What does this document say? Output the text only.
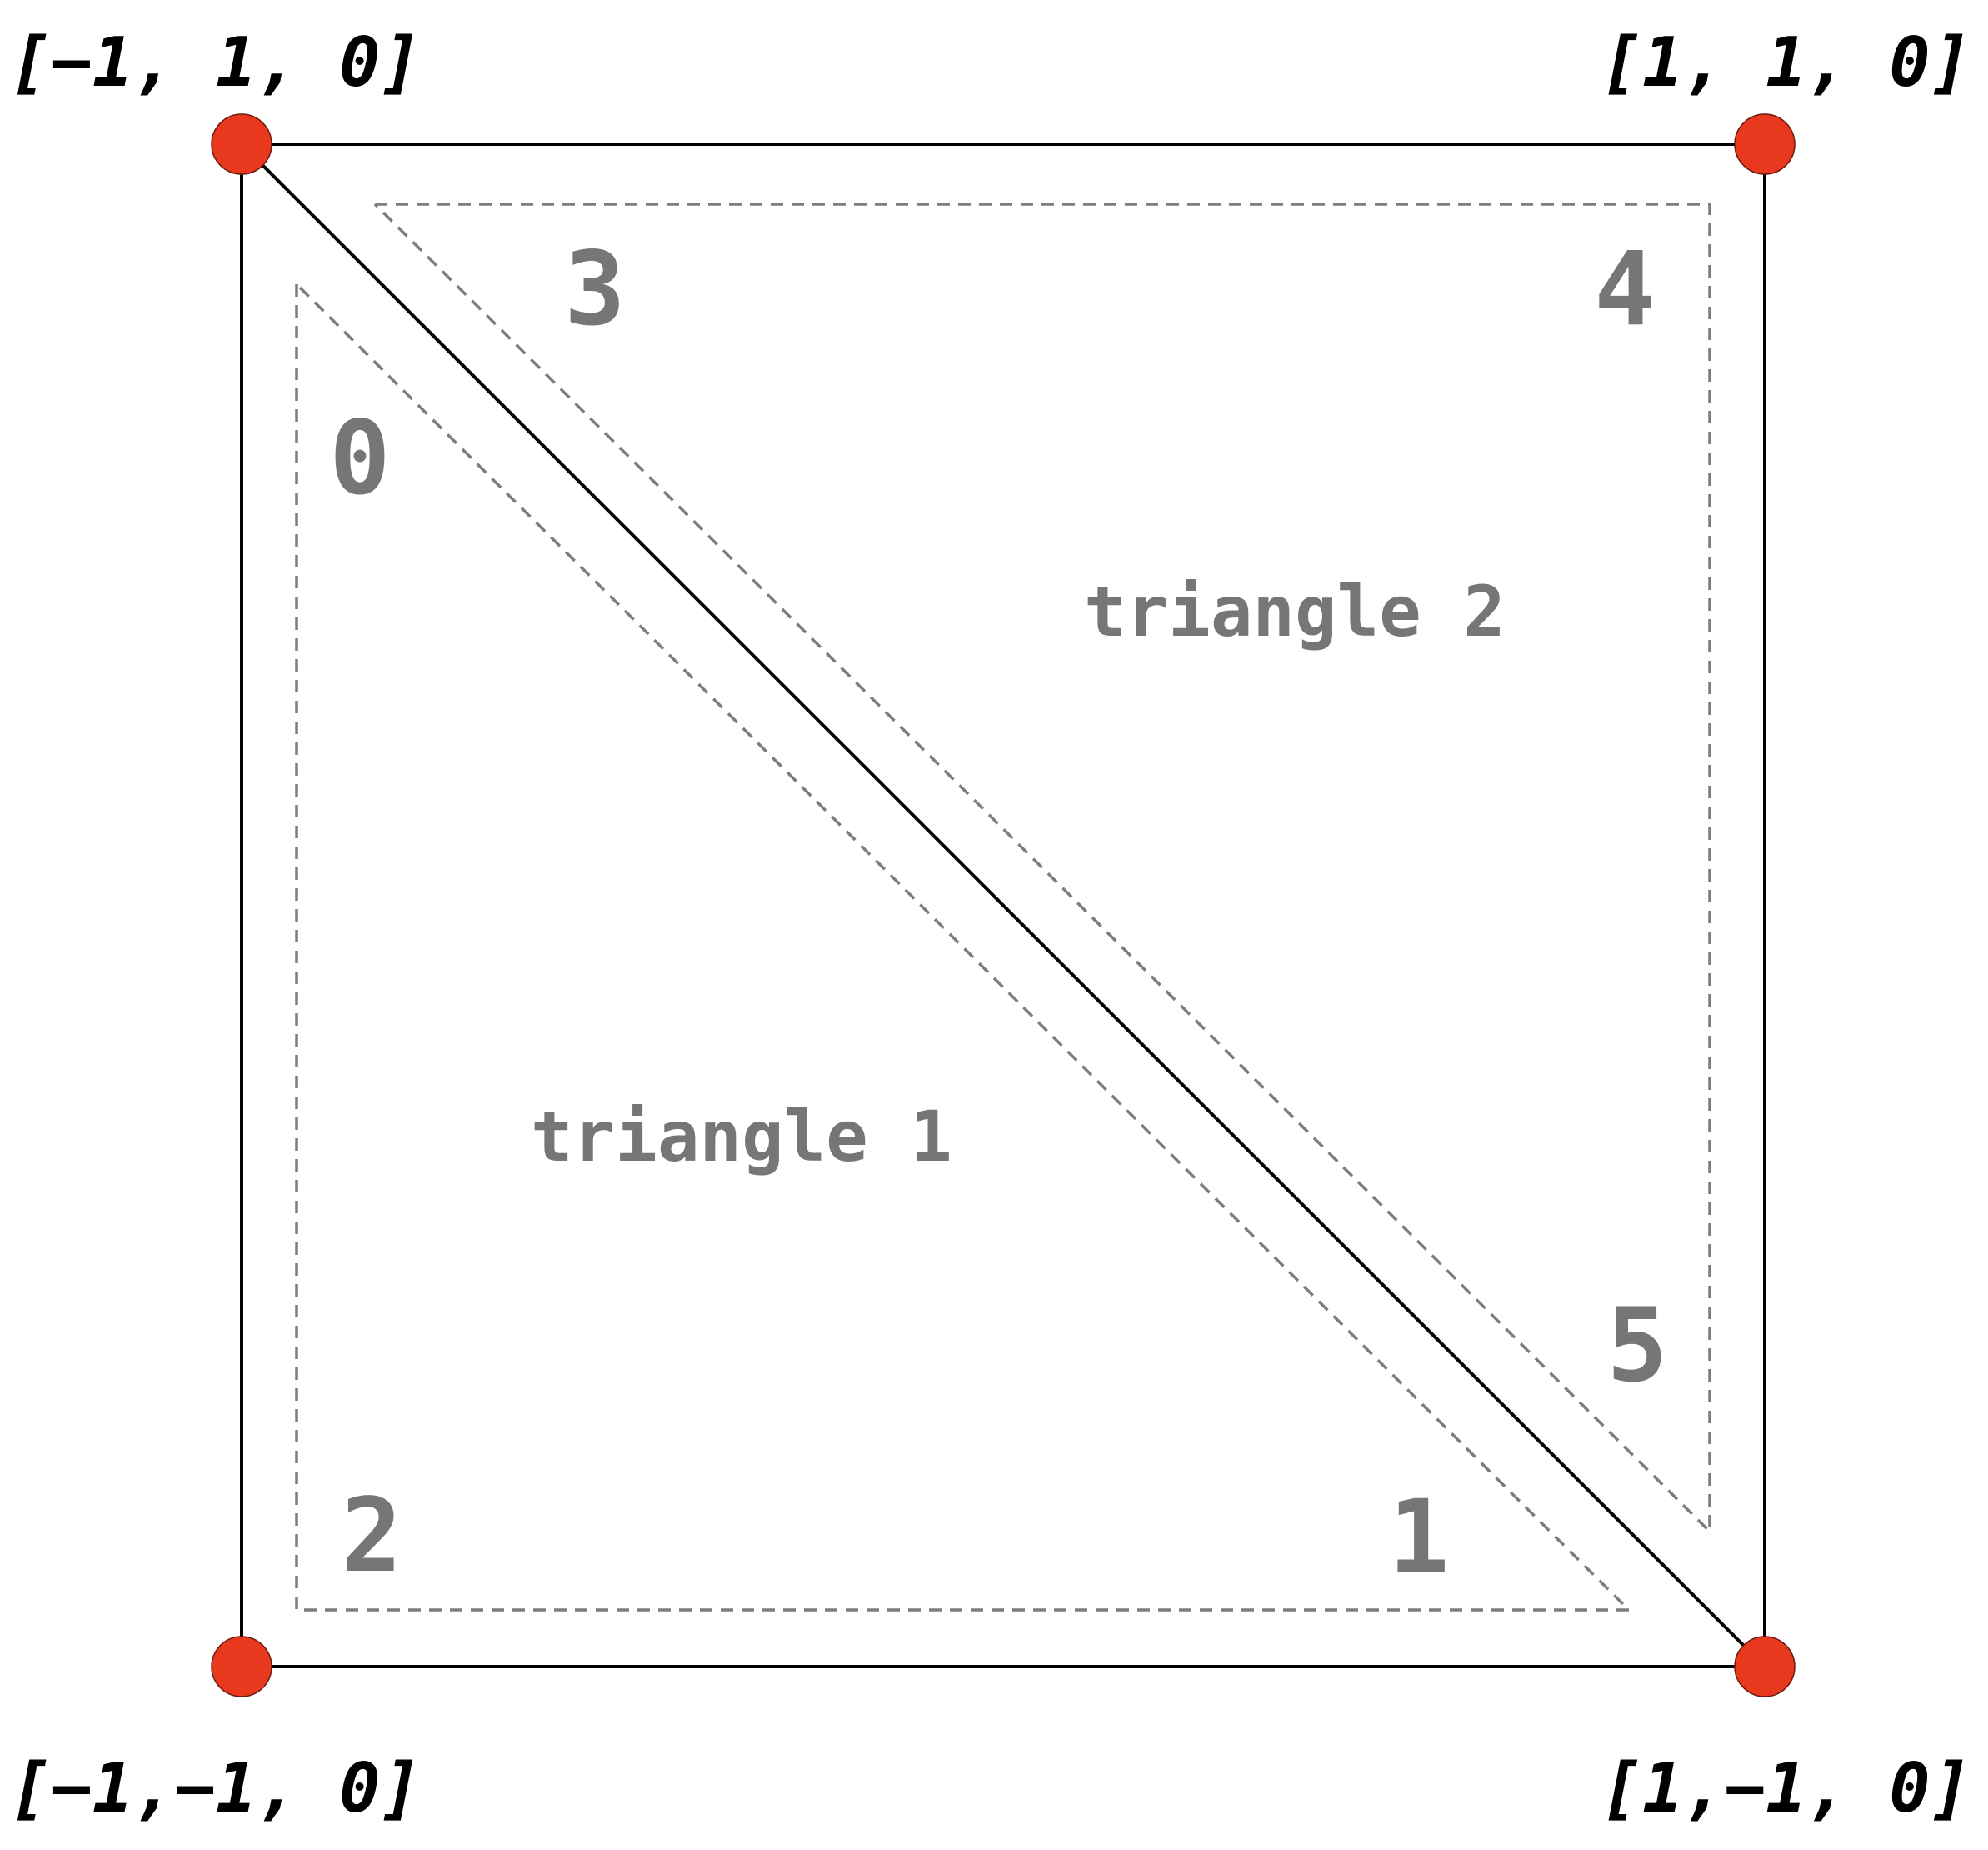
[−1, 1, 0]	[1, 1, 0]
[−1,−1, 0]	[1,−1, 0]
0
1
2
3	4
5
triangle 1
triangle 2
